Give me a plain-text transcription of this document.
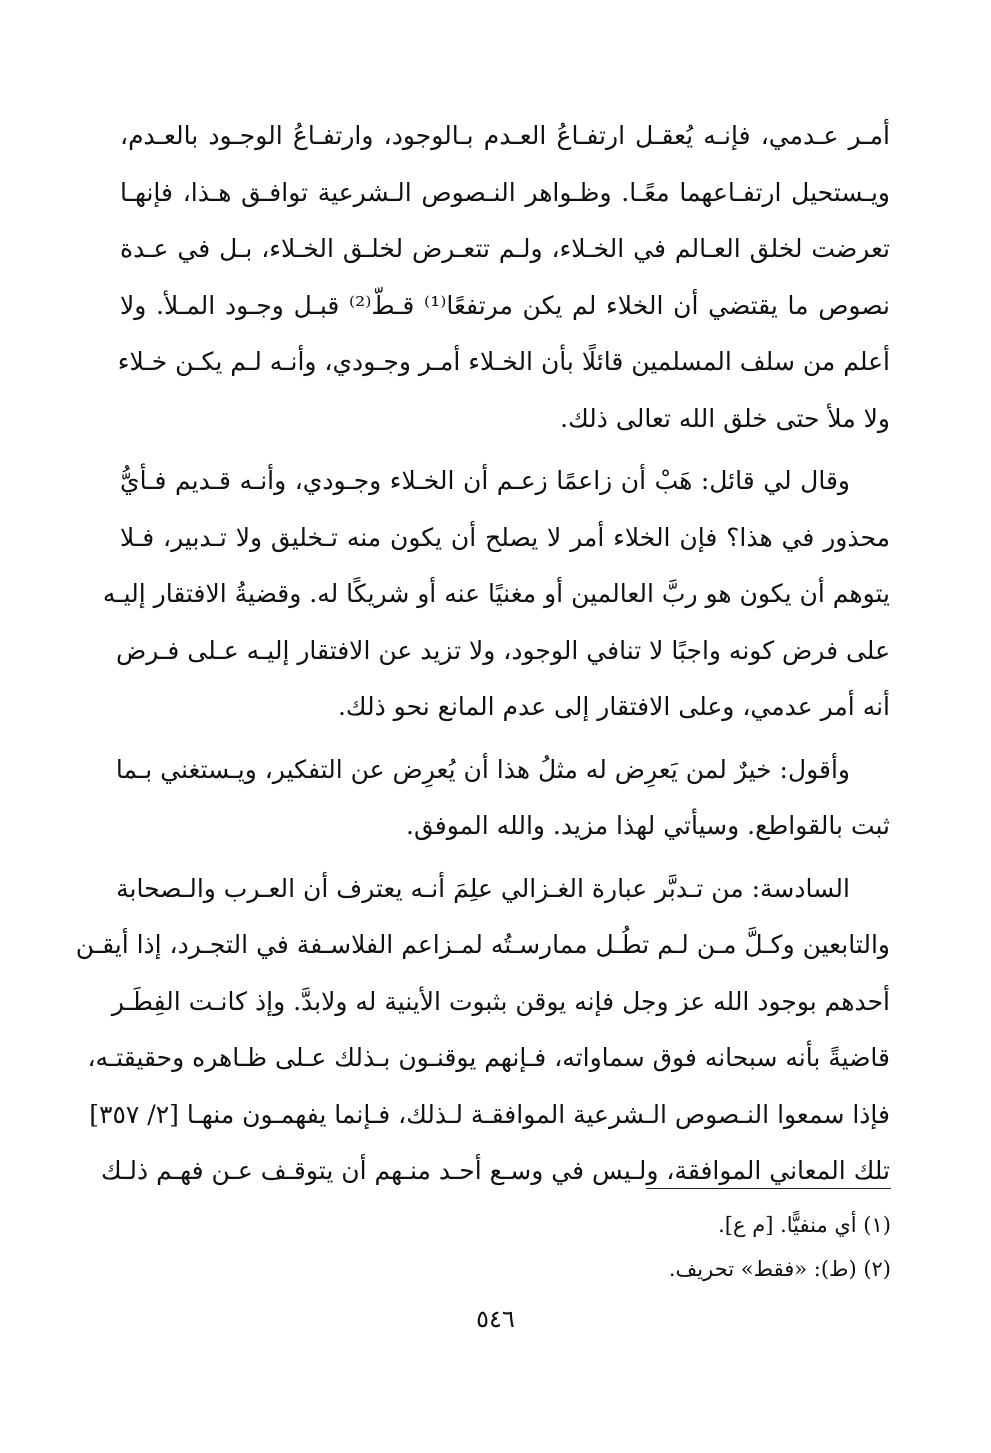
أمـر عـدمي، فإنـه يُعقـل ارتفـاعُ العـدم بـالوجود، وارتفـاعُ الوجـود بالعـدم،
ويـستحيل ارتفـاعهما معًـا. وظـواهر النـصوص الـشرعية توافـق هـذا، فإنهـا
تعرضت لخلق العـالم في الخـلاء، ولـم تتعـرض لخلـق الخـلاء، بـل في عـدة
نصوص ما يقتضي أن الخلاء لم يكن مرتفعًا⁽¹⁾ قـطّ⁽²⁾ قبـل وجـود المـلأ. ولا
أعلم من سلف المسلمين قائلًا بأن الخـلاء أمـر وجـودي، وأنـه لـم يكـن خـلاء
ولا ملأ حتى خلق الله تعالى ذلك.
وقال لي قائل: هَبْ أن زاعمًا زعـم أن الخـلاء وجـودي، وأنـه قـديم فـأيُّ
محذور في هذا؟ فإن الخلاء أمر لا يصلح أن يكون منه تـخليق ولا تـدبير، فـلا
يتوهم أن يكون هو ربَّ العالمين أو مغنيًا عنه أو شريكًا له. وقضيةُ الافتقار إليـه
على فرض كونه واجبًا لا تنافي الوجود، ولا تزيد عن الافتقار إليـه عـلى فـرض
أنه أمر عدمي، وعلى الافتقار إلى عدم المانع نحو ذلك.
وأقول: خيرٌ لمن يَعرِض له مثلُ هذا أن يُعرِض عن التفكير، ويـستغني بـما
ثبت بالقواطع. وسيأتي لهذا مزيد. والله الموفق.
السادسة: من تـدبَّر عبارة الغـزالي علِمَ أنـه يعترف أن العـرب والـصحابة
والتابعين وكـلَّ مـن لـم تطُـل ممارسـتُه لمـزاعم الفلاسـفة في التجـرد، إذا أيقـن
أحدهم بوجود الله عز وجل فإنه يوقن بثبوت الأينية له ولابدَّ. وإذ كانـت الفِطَـر
قاضيةً بأنه سبحانه فوق سماواته، فـإنهم يوقنـون بـذلك عـلى ظـاهره وحقيقتـه،
فإذا سمعوا النـصوص الـشرعية الموافقـة لـذلك، فـإنما يفهمـون منهـا [٢/ ٣٥٧]
تلك المعاني الموافقة، ولـيس في وسـع أحـد منـهم أن يتوقـف عـن فهـم ذلـك
(١) أي منفيًّا. [م ع].
(٢) (ط): «فقط» تحريف.
٥٤٦
